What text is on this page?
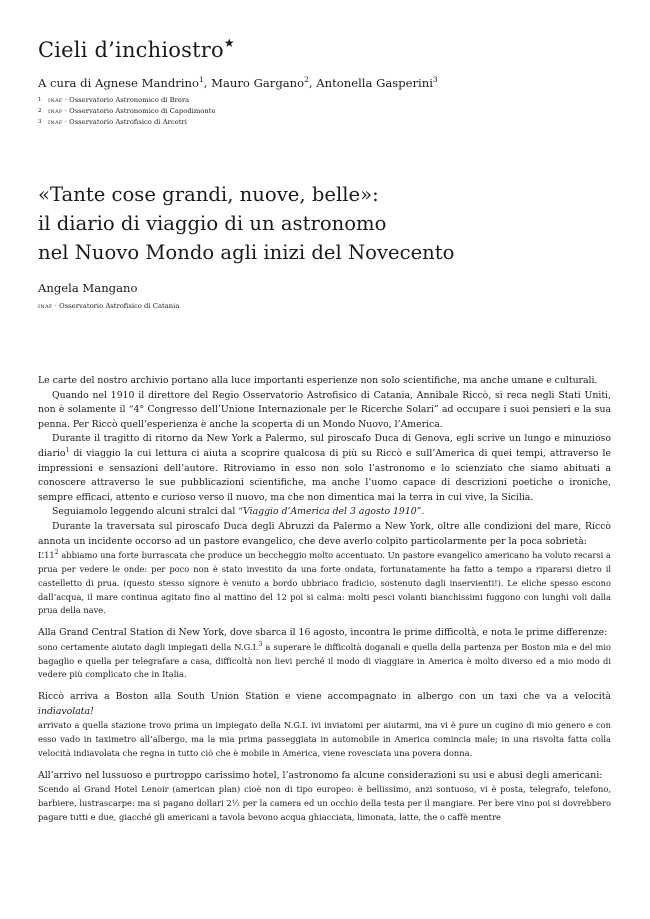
Cieli d’inchiostro★

A cura di Agnese Mandrino$^1$, Mauro Gargano$^2$, Antonella Gasperini$^3$

1 inaf · Osservatorio Astronomico di Brera
2 inaf · Osservatorio Astronomico di Capodimonte
3 inaf · Osservatorio Astrofisico di Arcetri
«Tante cose grandi, nuove, belle»:
il diario di viaggio di un astronomo
nel Nuovo Mondo agli inizi del Novecento

Angela Mangano

inaf · Osservatorio Astrofisico di Catania

Le carte del nostro archivio portano alla luce importanti esperienze non solo scientifiche, ma anche umane e culturali.

Quando nel 1910 il direttore del Regio Osservatorio Astrofisico di Catania, Annibale Riccò, si reca negli Stati Uniti, non è solamente il “4° Congresso dell’Unione Internazionale per le Ricerche Solari” ad occupare i suoi pensieri e la sua penna. Per Riccò quell’esperienza è anche la scoperta di un Mondo Nuovo, l’America.

Durante il tragitto di ritorno da New York a Palermo, sul piroscafo Duca di Genova, egli scrive un lungo e minuzioso diario$^1$ di viaggio la cui lettura ci aiuta a scoprire qualcosa di più su Riccò e sull’America di quei tempi, attraverso le impressioni e sensazioni dell’autore. Ritroviamo in esso non solo l’astronomo e lo scienziato che siamo abituati a conoscere attraverso le sue pubblicazioni scientifiche, ma anche l’uomo capace di descrizioni poetiche o ironiche, sempre efficaci, attento e curioso verso il nuovo, ma che non dimentica mai la terra in cui vive, la Sicilia.

Seguiamolo leggendo alcuni stralci dal “Viaggio d’America del 3 agosto 1910”.

Durante la traversata sul piroscafo Duca degli Abruzzi da Palermo a New York, oltre alle condizioni del mare, Riccò annota un incidente occorso ad un pastore evangelico, che deve averlo colpito particolarmente per la poca sobrietà:

$L’11^2$ abbiamo una forte burrascata che produce un beccheggio molto accentuato. Un pastore evangelico americano ha voluto recarsi a prua per vedere le onde: per poco non è stato investito da una forte ondata, fortunatamente ha fatto a tempo a ripararsi dietro il castelletto di prua. (questo stesso signore è venuto a bordo ubbriaco fradicio, sostenuto dagli inservienti!). Le eliche spesso escono dall’acqua, il mare continua agitato fino al mattino del 12 poi si calma: molti pesci volanti bianchissimi fuggono con lunghi voli dalla prua della nave.

Alla Grand Central Station di New York, dove sbarca il 16 agosto, incontra le prime difficoltà, e nota le prime differenze:

sono certamente aiutato dagli impiegati della N.G.I.$^3$ a superare le difficoltà doganali e quella della partenza per Boston mia e del mio bagaglio e quella per telegrafare a casa, difficoltà non lievi perché il modo di viaggiare in America è molto diverso ed a mio modo di vedere più complicato che in Italia.

Riccò arriva a Boston alla South Union Station e viene accompagnato in albergo con un taxi che va a velocità indiavolata!

arrivato a quella stazione trovo prima un impiegato della N.G.I. ivi inviatomi per aiutarmi, ma vi è pure un cugino di mio genero e con esso vado in taximetro all’albergo, ma la mia prima passeggiata in automobile in America comincia male; in una risvolta fatta colla velocità indiavolata che regna in tutto ciò che è mobile in America, viene rovesciata una povera donna.

All’arrivo nel lussuoso e purtroppo carissimo hotel, l’astronomo fa alcune considerazioni su usi e abusi degli americani:

Scendo al Grand Hotel Lenoir (american plan) cioè non di tipo europeo: è bellissimo, anzi sontuoso, vi è posta, telegrafo, telefono, barbiere, lustrascarpe: ma si pagano dollari 2½ per la camera ed un occhio della testa per il mangiare. Per bere vino poi si dovrebbero pagare tutti e due, giacché gli americani a tavola bevono acqua ghiacciata, limonata, latte, the o caffè mentre
